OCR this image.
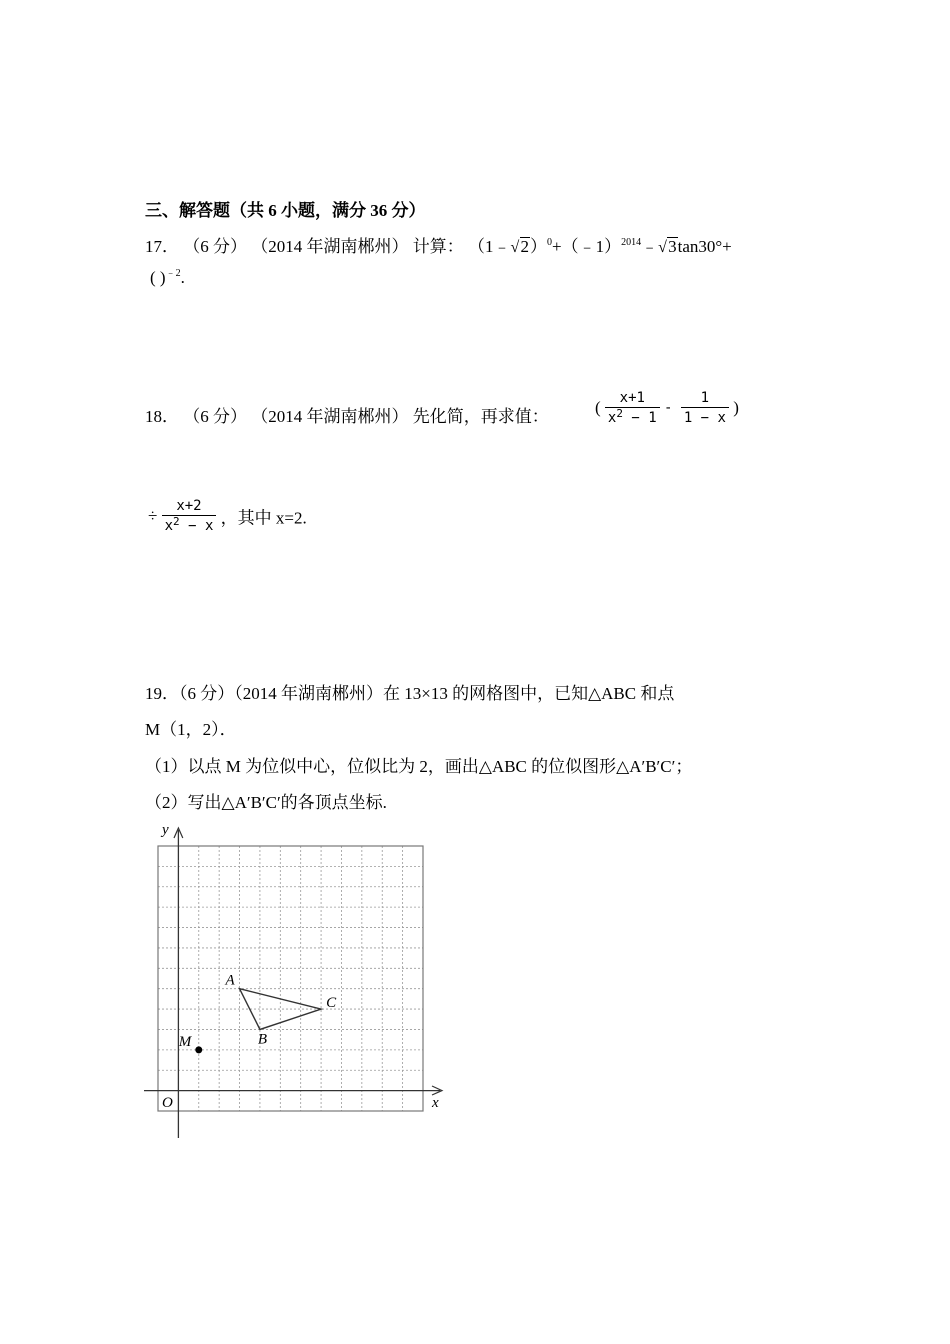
三、解答题（共 6 小题，满分 36 分）
17． （6 分） （2014 年湖南郴州） 计算： （1﹣ √ 2）$^0$+（﹣1）$^{2014}$﹣ √ 3tan30°+
( )$^{﹣2}$.
18． （6 分） （2014 年湖南郴州） 先化简，再求值：	( $\frac{x+1}{x^2 - 1} - \frac{1}{1 - x}$ )
÷ $\frac{x+2}{x^2 - x}$ ，其中 x=2.
19．（6 分）（2014 年湖南郴州）在 13×13 的网格图中，已知△ABC 和点
M（1，2）．
（1）以点 M 为位似中心，位似比为 2，画出△ABC 的位似图形△A′B′C′；
（2）写出△A′B′C′的各顶点坐标.
y
x
O
A
B
C
M
